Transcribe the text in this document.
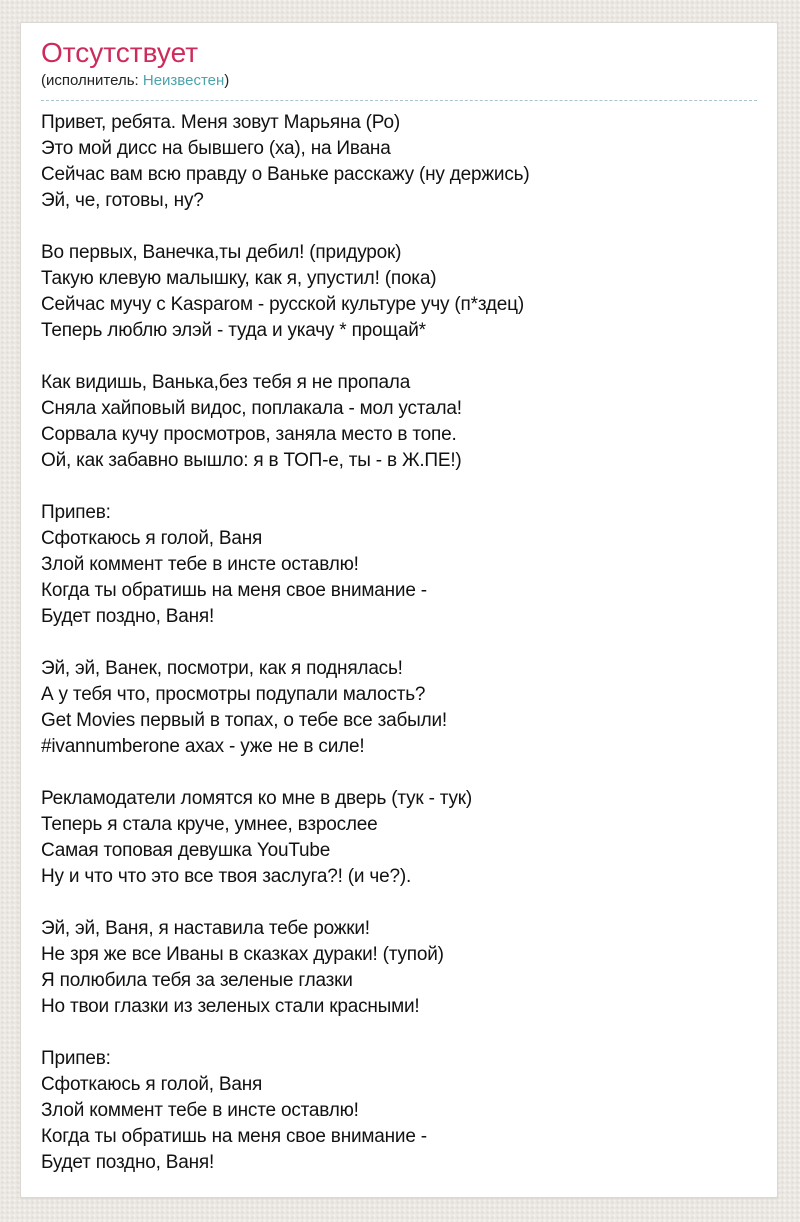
Отсутствует
(исполнитель: Неизвестен)
Привет, ребята. Меня зовут Марьяна (Ро)
Это мой дисс на бывшего (ха), на Ивана
Сейчас вам всю правду о Ваньке расскажу (ну держись)
Эй, че, готовы, ну?
Во первых, Ванечка,ты дебил! (придурок)
Такую клевую малышку, как я, упустил! (пока)
Сейчас мучу с Kasparом - русской культуре учу (п*здец)
Теперь люблю элэй - туда и укачу * прощай*
Как видишь, Ванька,без тебя я не пропала
Сняла хайповый видос, поплакала - мол устала!
Сорвала кучу просмотров, заняла место в топе.
Ой, как забавно вышло: я в ТОП-е, ты - в Ж.ПЕ!)
Припев:
Сфоткаюсь я голой, Ваня
Злой коммент тебе в инсте оставлю!
Когда ты обратишь на меня свое внимание -
Будет поздно, Ваня!
Эй, эй, Ванек, посмотри, как я поднялась!
А у тебя что, просмотры подупали малость?
Get Movies первый в топах, о тебе все забыли!
#ivannumberone ахах - уже не в силе!
Рекламодатели ломятся ко мне в дверь (тук - тук)
Теперь я стала круче, умнее, взрослее
Самая топовая девушка YouTube
Ну и что что это все твоя заслуга?! (и че?).
Эй, эй, Ваня, я наставила тебе рожки!
Не зря же все Иваны в сказках дураки! (тупой)
Я полюбила тебя за зеленые глазки
Но твои глазки из зеленых стали красными!
Припев:
Сфоткаюсь я голой, Ваня
Злой коммент тебе в инсте оставлю!
Когда ты обратишь на меня свое внимание -
Будет поздно, Ваня!
